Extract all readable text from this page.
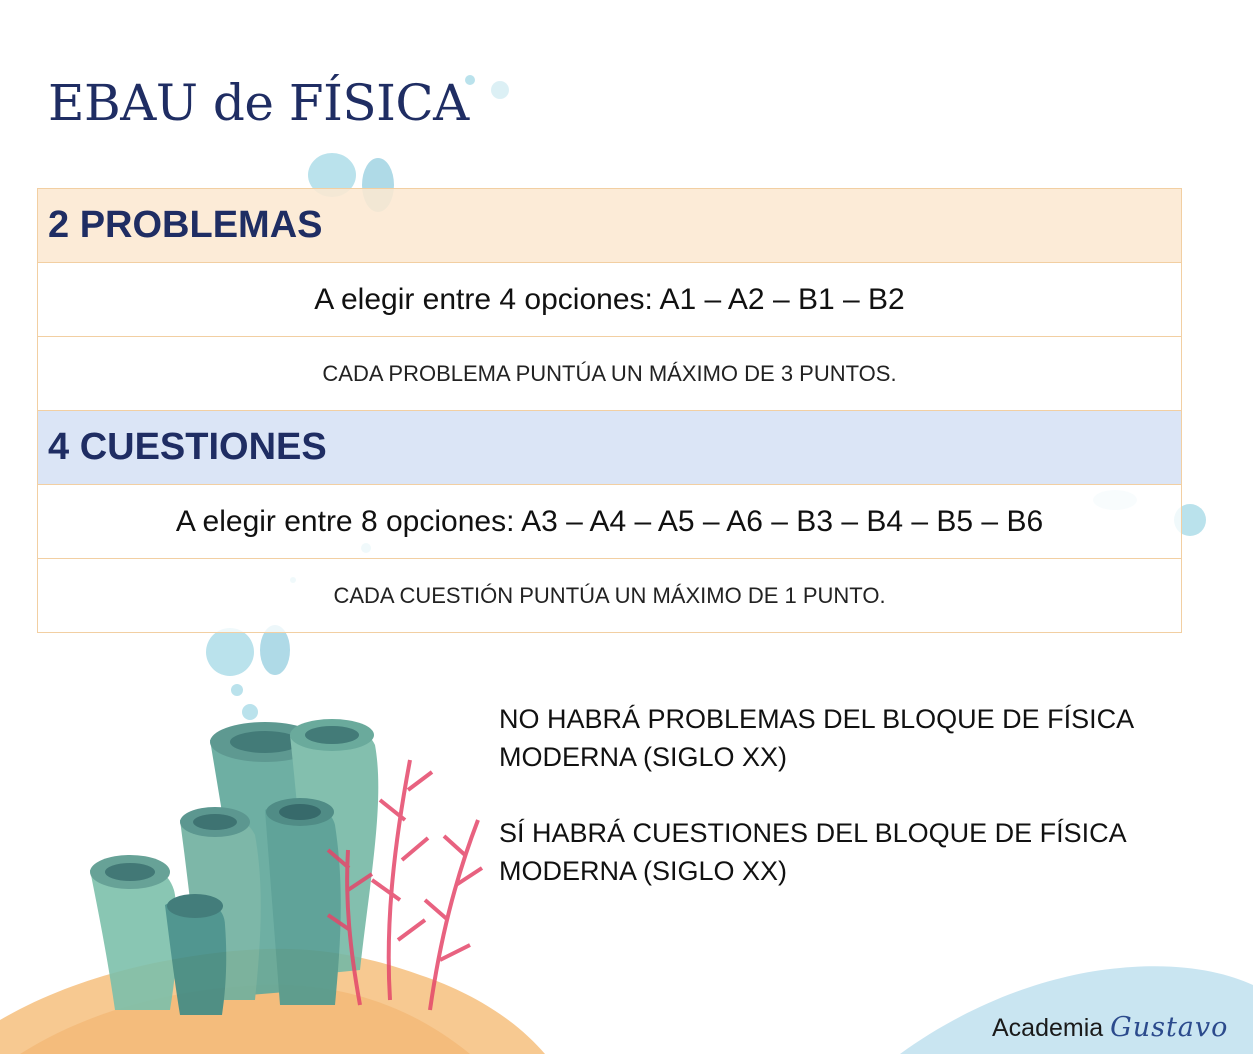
EBAU de FÍSICA
2 PROBLEMAS
A elegir entre 4 opciones: A1 – A2 – B1 – B2
CADA PROBLEMA PUNTÚA UN MÁXIMO DE 3 PUNTOS.
4 CUESTIONES
A elegir entre 8 opciones: A3 – A4 – A5 – A6 – B3 – B4 – B5 – B6
CADA CUESTIÓN PUNTÚA UN MÁXIMO DE 1 PUNTO.

NO HABRÁ PROBLEMAS DEL BLOQUE DE FÍSICA MODERNA (SIGLO XX)

SÍ HABRÁ CUESTIONES DEL BLOQUE DE FÍSICA MODERNA (SIGLO XX)

Academia Gustavo
